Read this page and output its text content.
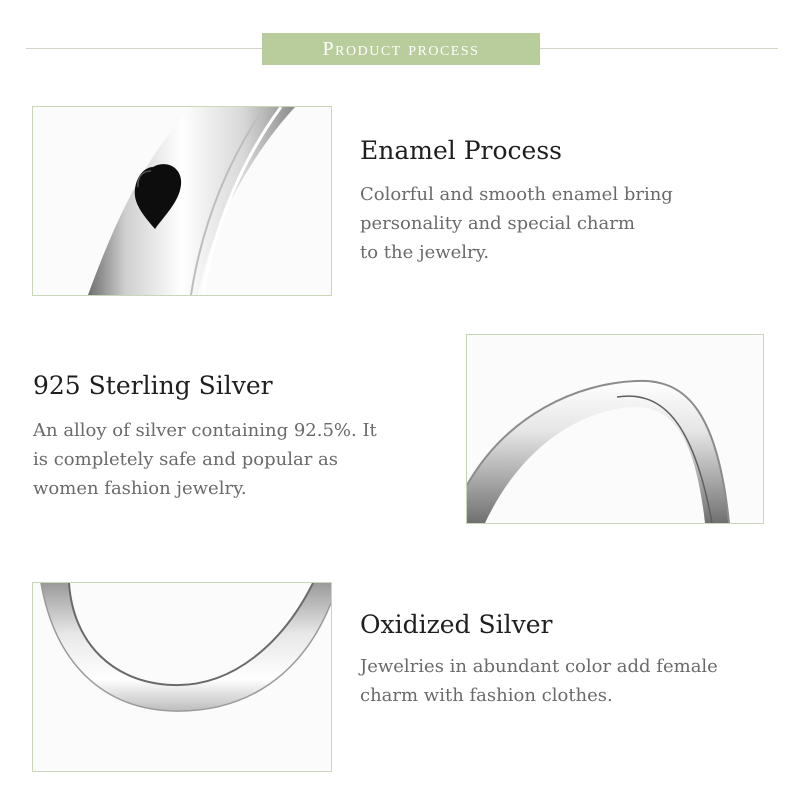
Product process
Enamel Process

Colorful and smooth enamel bring
personality and special charm
to the jewelry.

925 Sterling Silver

An alloy of silver containing 92.5%. It
is completely safe and popular as
women fashion jewelry.

Oxidized Silver

Jewelries in abundant color add female
charm with fashion clothes.
